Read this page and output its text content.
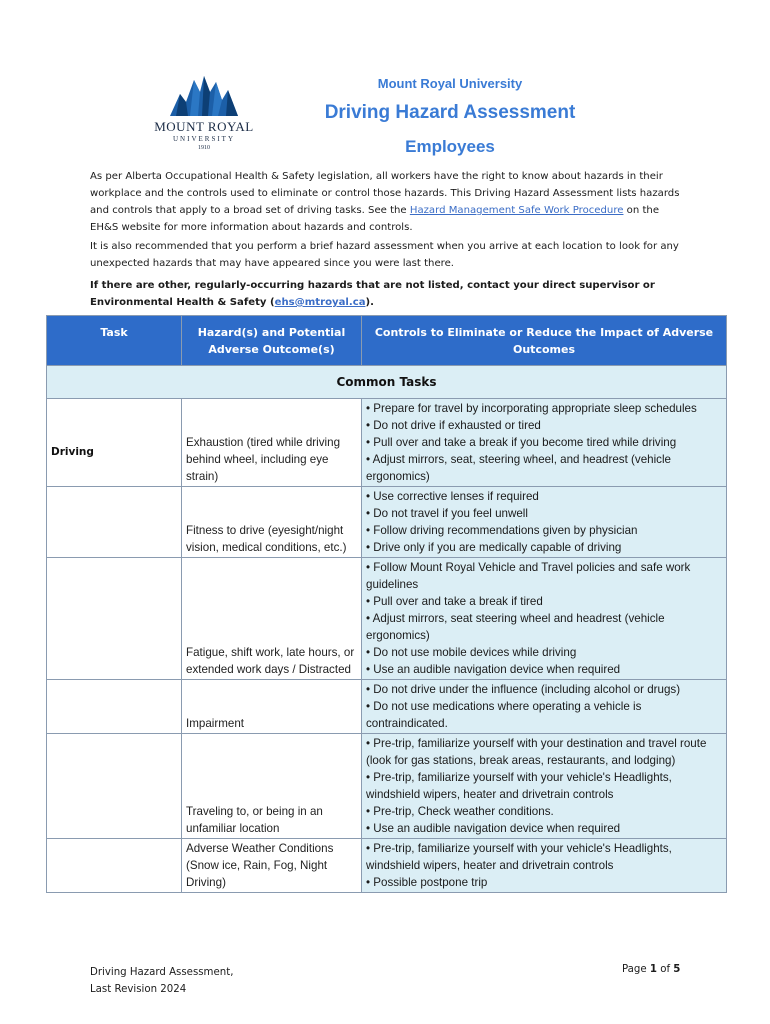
MOUNT ROYAL
UNIVERSITY
1910
Mount Royal University
Driving Hazard Assessment
Employees
As per Alberta Occupational Health & Safety legislation, all workers have the right to know about hazards in their workplace and the controls used to eliminate or control those hazards. This Driving Hazard Assessment lists hazards and controls that apply to a broad set of driving tasks. See the Hazard Management Safe Work Procedure on the EH&S website for more information about hazards and controls.
It is also recommended that you perform a brief hazard assessment when you arrive at each location to look for any unexpected hazards that may have appeared since you were last there.
If there are other, regularly-occurring hazards that are not listed, contact your direct supervisor or Environmental Health & Safety (ehs@mtroyal.ca).
Task	Hazard(s) and Potential Adverse Outcome(s)	Controls to Eliminate or Reduce the Impact of Adverse Outcomes
Common Tasks		

Driving	Exhaustion (tired while driving behind wheel, including eye strain)	• Prepare for travel by incorporating appropriate sleep schedules
• Do not drive if exhausted or tired
• Pull over and take a break if you become tired while driving
• Adjust mirrors, seat, steering wheel, and headrest (vehicle ergonomics)

	Fitness to drive (eyesight/night vision, medical conditions, etc.)	• Use corrective lenses if required
• Do not travel if you feel unwell
• Follow driving recommendations given by physician
• Drive only if you are medically capable of driving

	Fatigue, shift work, late hours, or extended work days / Distracted	• Follow Mount Royal Vehicle and Travel policies and safe work guidelines
• Pull over and take a break if tired
• Adjust mirrors, seat steering wheel and headrest (vehicle ergonomics)
• Do not use mobile devices while driving
• Use an audible navigation device when required

	Impairment	• Do not drive under the influence (including alcohol or drugs)
• Do not use medications where operating a vehicle is contraindicated.

	Traveling to, or being in an unfamiliar location	• Pre-trip, familiarize yourself with your destination and travel route (look for gas stations, break areas, restaurants, and lodging)
• Pre-trip, familiarize yourself with your vehicle's Headlights, windshield wipers, heater and drivetrain controls
• Pre-trip, Check weather conditions.
• Use an audible navigation device when required

	Adverse Weather Conditions (Snow ice, Rain, Fog, Night Driving)	• Pre-trip, familiarize yourself with your vehicle's Headlights, windshield wipers, heater and drivetrain controls
• Possible postpone trip
Driving Hazard Assessment,
Last Revision 2024
Page 1 of 5
